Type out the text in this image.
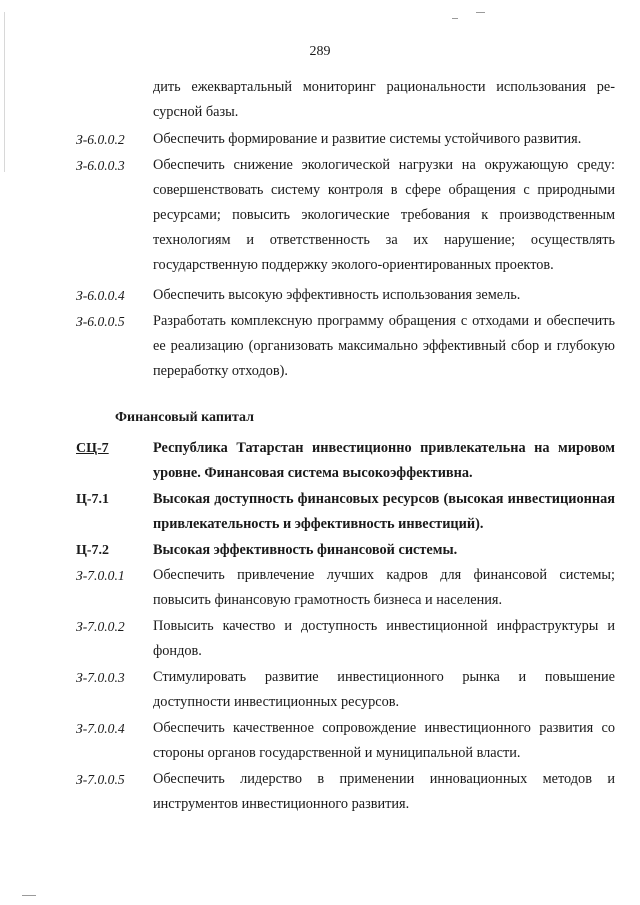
289
дить ежеквартальный мониторинг рациональности использования ре-сурсной базы.
З-6.0.0.2	Обеспечить формирование и развитие системы устойчивого развития.
З-6.0.0.3	Обеспечить снижение экологической нагрузки на окружающую среду: совершенствовать систему контроля в сфере обращения с природными ресурсами; повысить экологические требования к производственным технологиям и ответственность за их нарушение; осуществлять государственную поддержку эколого-ориентированных проектов.
З-6.0.0.4	Обеспечить высокую эффективность использования земель.
З-6.0.0.5	Разработать комплексную программу обращения с отходами и обеспечить ее реализацию (организовать максимально эффективный сбор и глубокую переработку отходов).
Финансовый капитал
СЦ-7	Республика Татарстан инвестиционно привлекательна на мировом уровне. Финансовая система высокоэффективна.
Ц-7.1	Высокая доступность финансовых ресурсов (высокая инвестиционная привлекательность и эффективность инвестиций).
Ц-7.2	Высокая эффективность финансовой системы.
З-7.0.0.1	Обеспечить привлечение лучших кадров для финансовой системы; повысить финансовую грамотность бизнеса и населения.
З-7.0.0.2	Повысить качество и доступность инвестиционной инфраструктуры и фондов.
З-7.0.0.3	Стимулировать развитие инвестиционного рынка и повышение доступности инвестиционных ресурсов.
З-7.0.0.4	Обеспечить качественное сопровождение инвестиционного развития со стороны органов государственной и муниципальной власти.
З-7.0.0.5	Обеспечить лидерство в применении инновационных методов и инструментов инвестиционного развития.
